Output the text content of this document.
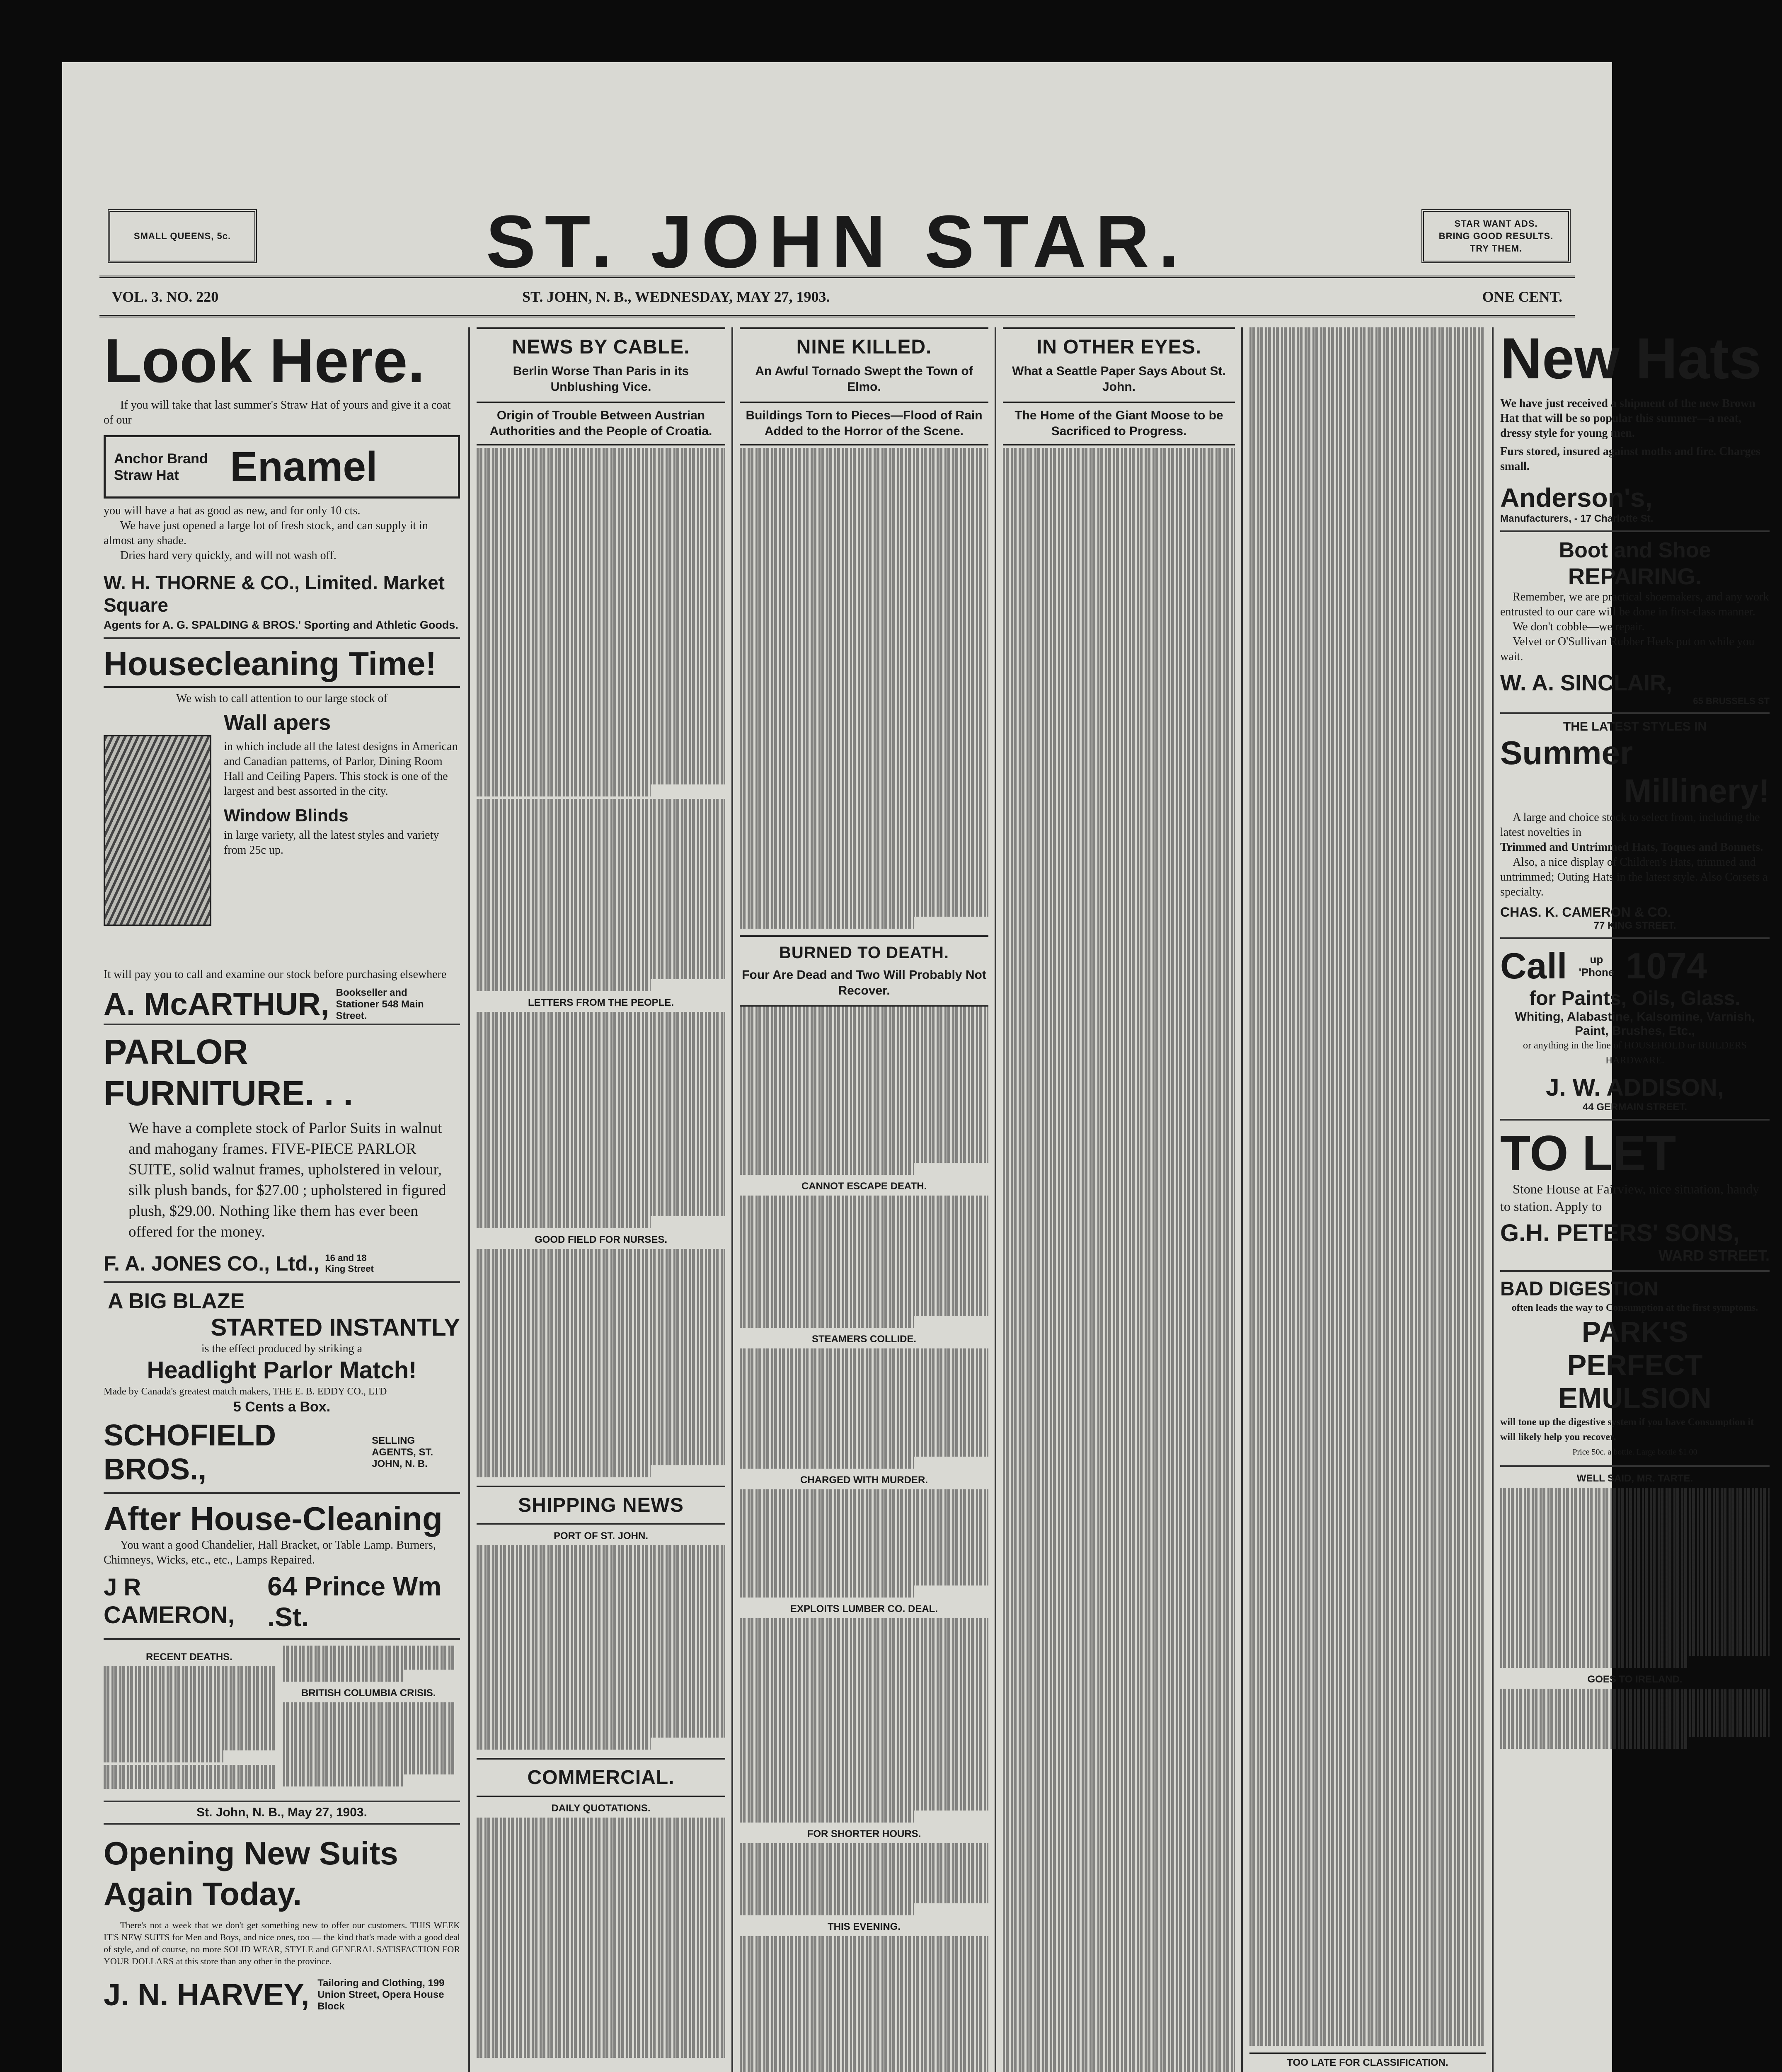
SMALL QUEENS, 5c.	ST. JOHN STAR.	STAR WANT ADS.
BRING GOOD RESULTS.
TRY THEM.
VOL. 3. NO. 220	ST. JOHN, N. B., WEDNESDAY, MAY 27, 1903.	ONE CENT.
Look Here.
If you will take that last summer's Straw Hat of yours and give it a coat of our
Anchor Brand Straw Hat	Enamel
you will have a hat as good as new, and for only 10 cts.
We have just opened a large lot of fresh stock, and can supply it in almost any shade.
Dries hard very quickly, and will not wash off.
W. H. THORNE & CO., Limited. Market Square
Agents for A. G. SPALDING & BROS.' Sporting and Athletic Goods.
Housecleaning Time!
We wish to call attention to our large stock of
Wall apers
in which include all the latest designs in American and Canadian patterns, of Parlor, Dining Room Hall and Ceiling Papers. This stock is one of the largest and best assorted in the city.
Window Blinds
in large variety, all the latest styles and variety from 25c up.
It will pay you to call and examine our stock before purchasing elsewhere
A. McARTHUR, Bookseller and Stationer 548 Main Street.
PARLOR FURNITURE. . .
We have a complete stock of Parlor Suits in walnut and mahogany frames. FIVE-PIECE PARLOR SUITE, solid walnut frames, upholstered in velour, silk plush bands, for $27.00 ; upholstered in figured plush, $29.00. Nothing like them has ever been offered for the money.
F. A. JONES CO., Ltd., 16 and 18 King Street
A BIG BLAZE
STARTED INSTANTLY
is the effect produced by striking a
Headlight Parlor Match!
Made by Canada's greatest match makers, THE E. B. EDDY CO., LTD
5 Cents a Box.
SCHOFIELD BROS.,
SELLING AGENTS, ST. JOHN, N. B.
After House-Cleaning
You want a good Chandelier, Hall Bracket, or Table Lamp. Burners, Chimneys, Wicks, etc., etc., Lamps Repaired.
J R CAMERON,
64 Prince Wm .St.
RECENT DEATHS.
BRITISH COLUMBIA CRISIS.
St. John, N. B., May 27, 1903.
Opening New Suits Again Today.
There's not a week that we don't get something new to offer our customers. THIS WEEK IT'S NEW SUITS for Men and Boys, and nice ones, too — the kind that's made with a good deal of style, and of course, no more SOLID WEAR, STYLE and GENERAL SATISFACTION FOR YOUR DOLLARS at this store than any other in the province.
J. N. HARVEY, Tailoring and Clothing, 199 Union Street, Opera House Block
NEWS BY CABLE.
Berlin Worse Than Paris in its Unblushing Vice.
Origin of Trouble Between Austrian Authorities and the People of Croatia.
LETTERS FROM THE PEOPLE.
GOOD FIELD FOR NURSES.
SHIPPING NEWS
PORT OF ST. JOHN.
COMMERCIAL.
DAILY QUOTATIONS.
NINE KILLED.
An Awful Tornado Swept the Town of Elmo.
Buildings Torn to Pieces—Flood of Rain Added to the Horror of the Scene.
BURNED TO DEATH.
Four Are Dead and Two Will Probably Not Recover.
CANNOT ESCAPE DEATH.
STEAMERS COLLIDE.
CHARGED WITH MURDER.
EXPLOITS LUMBER CO. DEAL.
FOR SHORTER HOURS.
THIS EVENING.
IN OTHER EYES.
What a Seattle Paper Says About St. John.
The Home of the Giant Moose to be Sacrificed to Progress.
TOO LATE FOR CLASSIFICATION.
New Hats
We have just received a shipment of the new Brown Hat that will be so popular this summer—a neat, dressy style for young men.
Furs stored, insured against moths and fire. Charges small.
Anderson's,
Manufacturers, - 17 Charlotte St.
Boot and Shoe
REPAIRING.
Remember, we are practical shoemakers, and any work entrusted to our care will be done in first-class manner.
We don't cobble—we repair.
Velvet or O'Sullivan Rubber Heels put on while you wait.
W. A. SINCLAIR,
65 BRUSSELS ST
THE LATEST STYLES IN
Summer
Millinery!
A large and choice stock to select from, including the latest novelties in
Trimmed and Untrimmed Hats, Toques and Bonnets.
Also, a nice display of Children's Hats, trimmed and untrimmed; Outing Hats in the latest style. Also Corsets a specialty.
CHAS. K. CAMERON & CO.
77 KING STREET.
Call	up 'Phone 1074
for Paints, Oils, Glass.
Whiting, Alabastine, Kalsomine, Varnish, Paint, Brushes, Etc.,
or anything in the line of HOUSEHOLD or BUILDERS HARDWARE.
J. W. ADDISON,
44 GERMAIN STREET.
TO LET
Stone House at Fairview, nice situation, handy to station. Apply to
G.H. PETERS' SONS,
WARD STREET.
BAD DIGESTION
often leads the way to Consumption at the first symptoms.
PARK'S
PERFECT
EMULSION
will tone up the digestive system if you have Consumption it will likely help you recover.
Price 50c. a bottle. Large bottle $1.00
WELL SAID, MR. TARTE.
GOES TO IRELAND.
